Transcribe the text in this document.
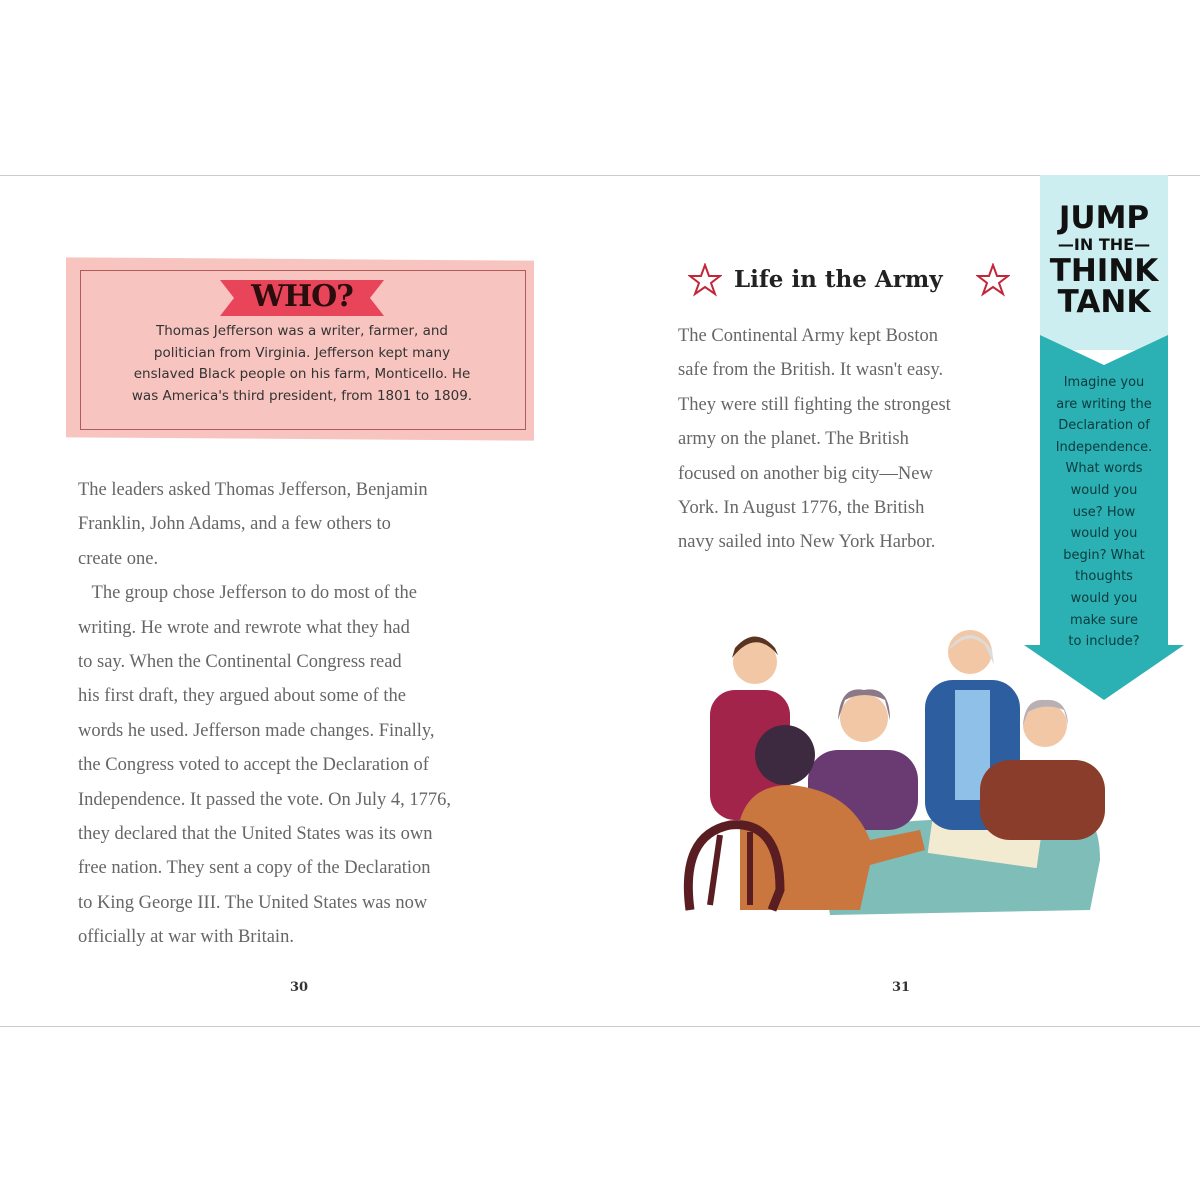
WHO?
Thomas Jefferson was a writer, farmer, and
politician from Virginia. Jefferson kept many
enslaved Black people on his farm, Monticello. He
was America's third president, from 1801 to 1809.
The leaders asked Thomas Jefferson, Benjamin
Franklin, John Adams, and a few others to
create one.
The group chose Jefferson to do most of the
writing. He wrote and rewrote what they had
to say. When the Continental Congress read
his first draft, they argued about some of the
words he used. Jefferson made changes. Finally,
the Congress voted to accept the Declaration of
Independence. It passed the vote. On July 4, 1776,
they declared that the United States was its own
free nation. They sent a copy of the Declaration
to King George III. The United States was now
officially at war with Britain.
30
Life in the Army
The Continental Army kept Boston
safe from the British. It wasn't easy.
They were still fighting the strongest
army on the planet. The British
focused on another big city—New
York. In August 1776, the British
navy sailed into New York Harbor.
JUMP
—IN THE—
THINK
TANK
Imagine you
are writing the
Declaration of
Independence.
What words
would you
use? How
would you
begin? What
thoughts
would you
make sure
to include?
31
